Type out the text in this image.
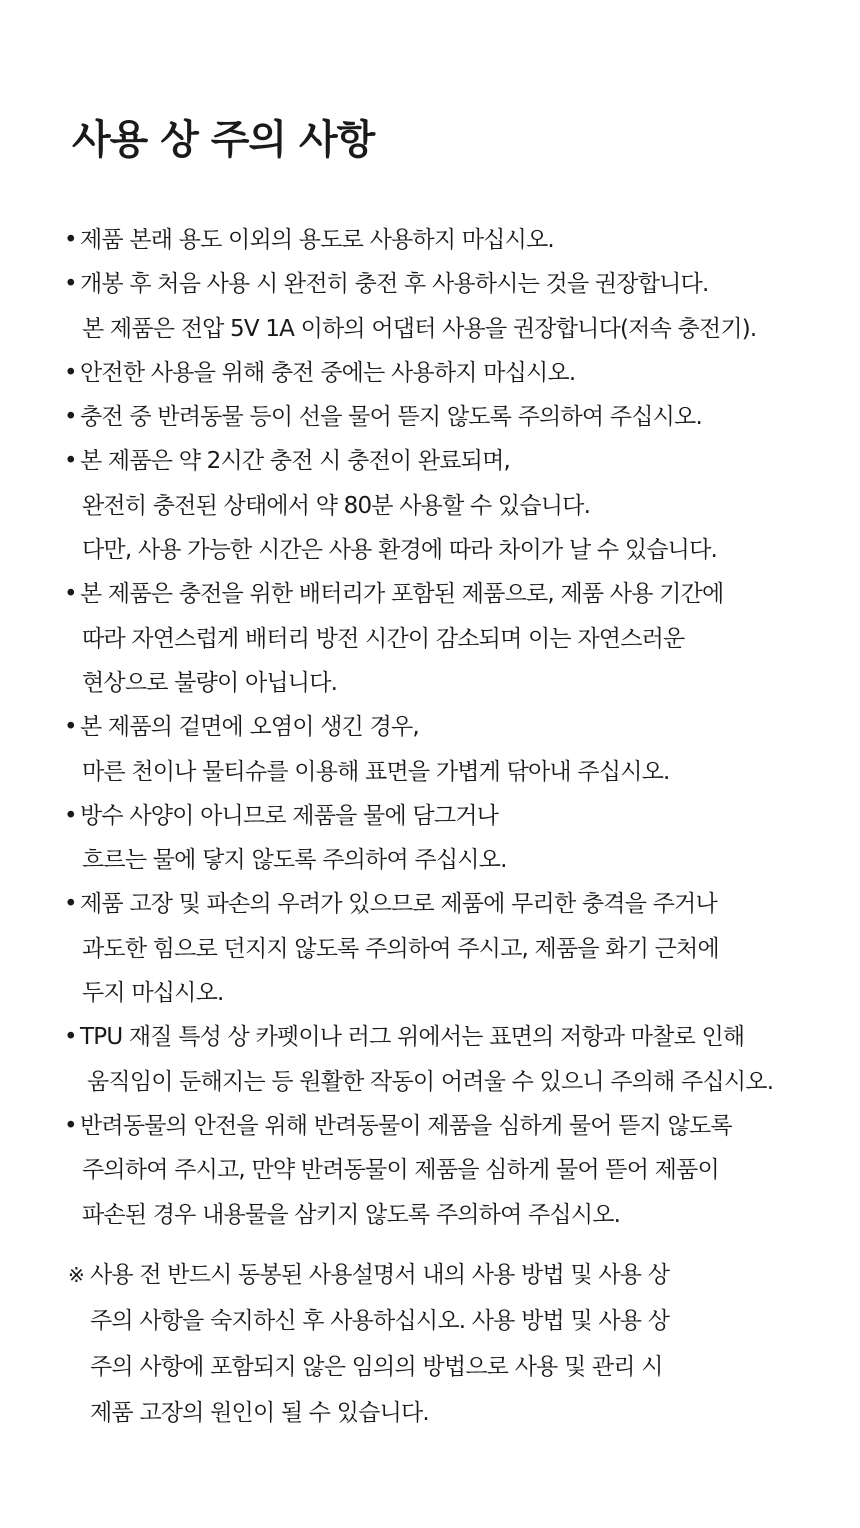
사용 상 주의 사항
• 제품 본래 용도 이외의 용도로 사용하지 마십시오.
• 개봉 후 처음 사용 시 완전히 충전 후 사용하시는 것을 권장합니다.
본 제품은 전압 5V 1A 이하의 어댑터 사용을 권장합니다(저속 충전기).
• 안전한 사용을 위해 충전 중에는 사용하지 마십시오.
• 충전 중 반려동물 등이 선을 물어 뜯지 않도록 주의하여 주십시오.
• 본 제품은 약 2시간 충전 시 충전이 완료되며,
완전히 충전된 상태에서 약 80분 사용할 수 있습니다.
다만, 사용 가능한 시간은 사용 환경에 따라 차이가 날 수 있습니다.
• 본 제품은 충전을 위한 배터리가 포함된 제품으로, 제품 사용 기간에
따라 자연스럽게 배터리 방전 시간이 감소되며 이는 자연스러운
현상으로 불량이 아닙니다.
• 본 제품의 겉면에 오염이 생긴 경우,
마른 천이나 물티슈를 이용해 표면을 가볍게 닦아내 주십시오.
• 방수 사양이 아니므로 제품을 물에 담그거나
흐르는 물에 닿지 않도록 주의하여 주십시오.
• 제품 고장 및 파손의 우려가 있으므로 제품에 무리한 충격을 주거나
과도한 힘으로 던지지 않도록 주의하여 주시고, 제품을 화기 근처에
두지 마십시오.
• TPU 재질 특성 상 카펫이나 러그 위에서는 표면의 저항과 마찰로 인해
움직임이 둔해지는 등 원활한 작동이 어려울 수 있으니 주의해 주십시오.
• 반려동물의 안전을 위해 반려동물이 제품을 심하게 물어 뜯지 않도록
주의하여 주시고, 만약 반려동물이 제품을 심하게 물어 뜯어 제품이
파손된 경우 내용물을 삼키지 않도록 주의하여 주십시오.
※ 사용 전 반드시 동봉된 사용설명서 내의 사용 방법 및 사용 상
주의 사항을 숙지하신 후 사용하십시오. 사용 방법 및 사용 상
주의 사항에 포함되지 않은 임의의 방법으로 사용 및 관리 시
제품 고장의 원인이 될 수 있습니다.
